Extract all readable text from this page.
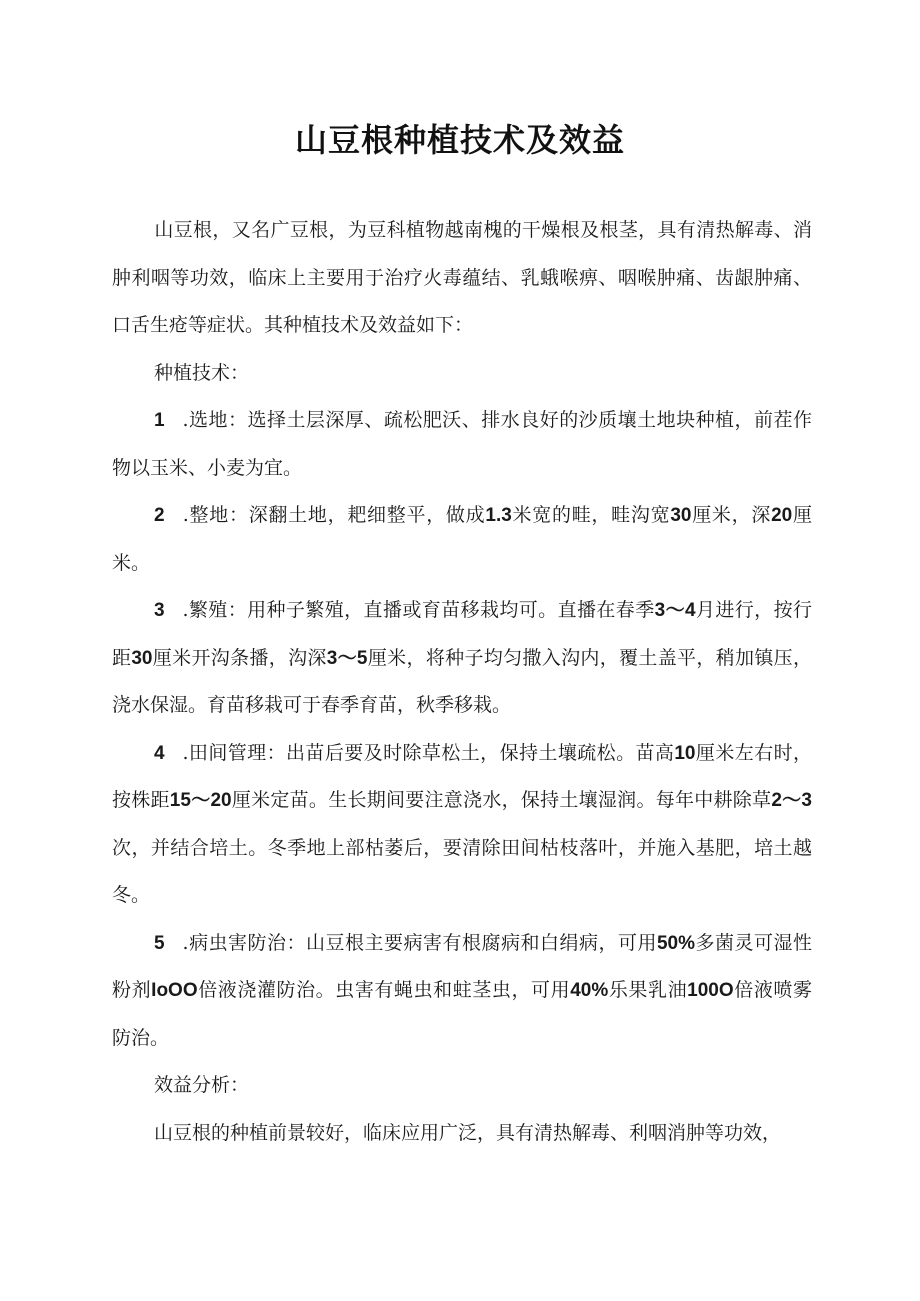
山豆根种植技术及效益

山豆根，又名广豆根，为豆科植物越南槐的干燥根及根茎，具有清热解毒、消肿利咽等功效，临床上主要用于治疗火毒蕴结、乳蛾喉痹、咽喉肿痛、齿龈肿痛、口舌生疮等症状。其种植技术及效益如下：

种植技术：

1 .选地：选择土层深厚、疏松肥沃、排水良好的沙质壤土地块种植，前茬作物以玉米、小麦为宜。

2 .整地：深翻土地，耙细整平，做成1.3米宽的畦，畦沟宽30厘米，深20厘米。

3 .繁殖：用种子繁殖，直播或育苗移栽均可。直播在春季3〜4月进行，按行距30厘米开沟条播，沟深3〜5厘米，将种子均匀撒入沟内，覆土盖平，稍加镇压，浇水保湿。育苗移栽可于春季育苗，秋季移栽。

4 .田间管理：出苗后要及时除草松土，保持土壤疏松。苗高10厘米左右时，按株距15〜20厘米定苗。生长期间要注意浇水，保持土壤湿润。每年中耕除草2〜3次，并结合培土。冬季地上部枯萎后，要清除田间枯枝落叶，并施入基肥，培土越冬。

5 .病虫害防治：山豆根主要病害有根腐病和白绢病，可用50%多菌灵可湿性粉剂IoOO倍液浇灌防治。虫害有蝇虫和蛀茎虫，可用40%乐果乳油100O倍液喷雾防治。

效益分析：

山豆根的种植前景较好，临床应用广泛，具有清热解毒、利咽消肿等功效，
